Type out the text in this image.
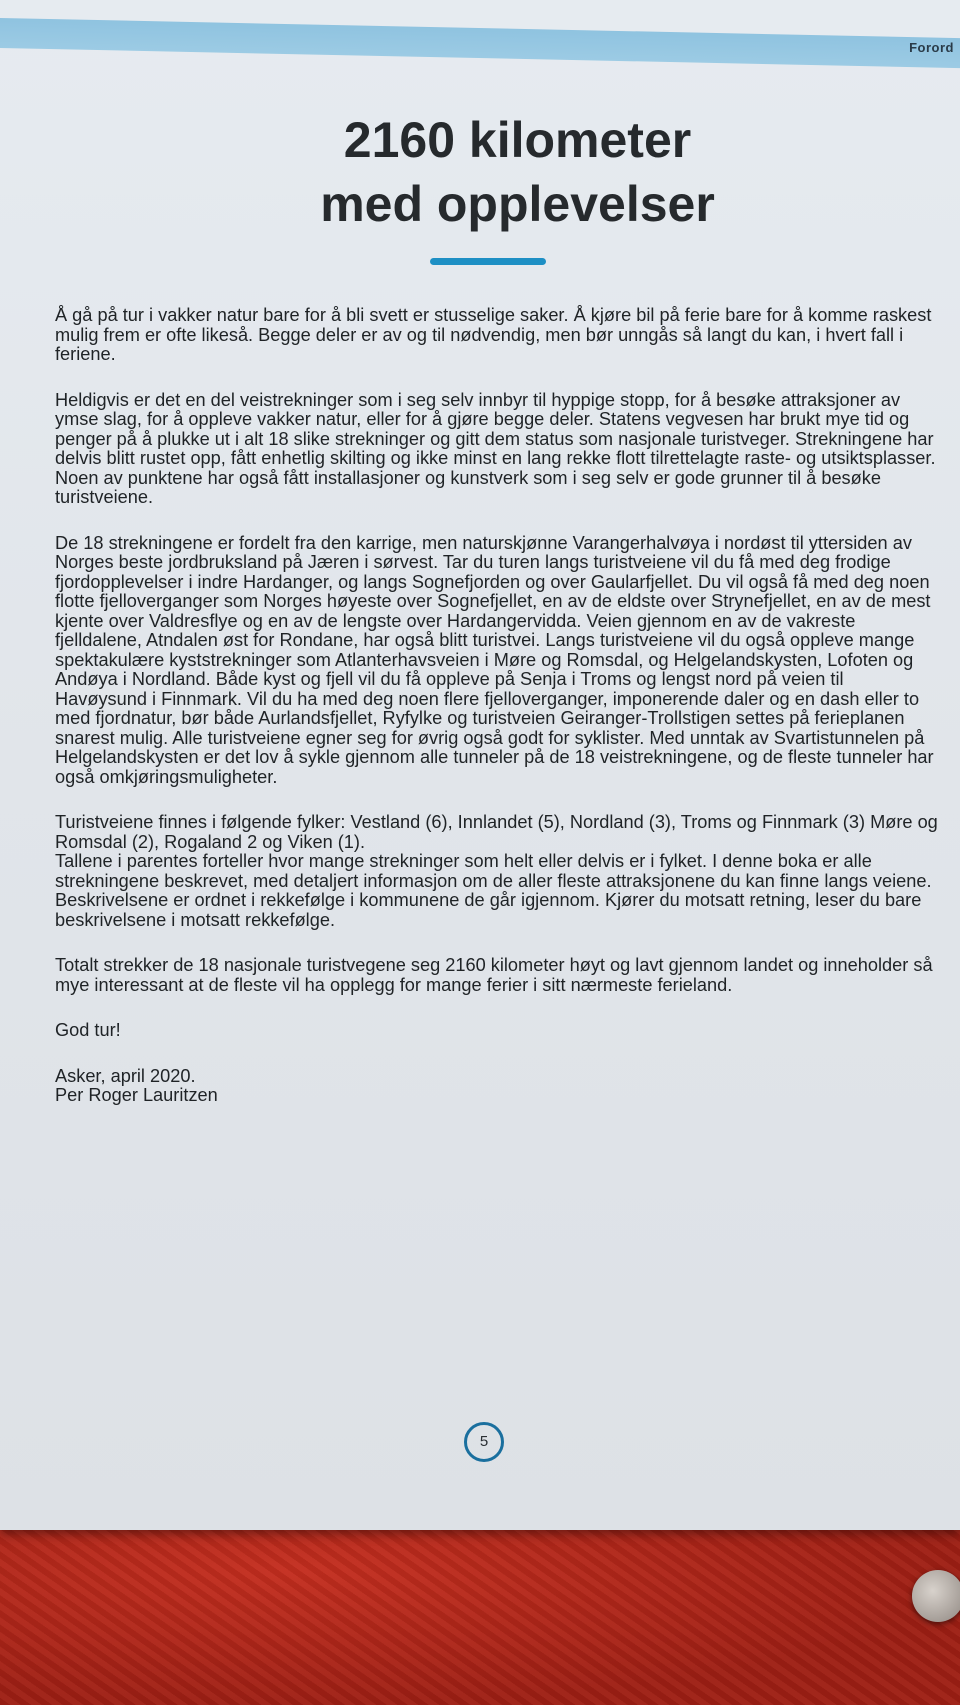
Forord
2160 kilometer
med opplevelser

Å gå på tur i vakker natur bare for å bli svett er stusselige saker. Å kjøre bil på ferie bare for å komme raskest mulig frem er ofte likeså. Begge deler er av og til nødvendig, men bør unngås så langt du kan, i hvert fall i feriene.

Heldigvis er det en del veistrekninger som i seg selv innbyr til hyppige stopp, for å besøke attraksjoner av ymse slag, for å oppleve vakker natur, eller for å gjøre begge deler. Statens vegvesen har brukt mye tid og penger på å plukke ut i alt 18 slike strekninger og gitt dem status som nasjonale turistveger. Strekningene har delvis blitt rustet opp, fått enhetlig skilting og ikke minst en lang rekke flott tilrettelagte raste- og utsiktsplasser. Noen av punktene har også fått installasjoner og kunstverk som i seg selv er gode grunner til å besøke turistveiene.

De 18 strekningene er fordelt fra den karrige, men naturskjønne Varangerhalvøya i nordøst til yttersiden av Norges beste jordbruksland på Jæren i sørvest. Tar du turen langs turistveiene vil du få med deg frodige fjordopplevelser i indre Hardanger, og langs Sognefjorden og over Gaularfjellet. Du vil også få med deg noen flotte fjelloverganger som Norges høyeste over Sognefjellet, en av de eldste over Strynefjellet, en av de mest kjente over Valdresflye og en av de lengste over Hardangervidda. Veien gjennom en av de vakreste fjelldalene, Atndalen øst for Rondane, har også blitt turistvei. Langs turistveiene vil du også oppleve mange spektakulære kyststrekninger som Atlanterhavsveien i Møre og Romsdal, og Helgelandskysten, Lofoten og Andøya i Nordland. Både kyst og fjell vil du få oppleve på Senja i Troms og lengst nord på veien til Havøysund i Finnmark. Vil du ha med deg noen flere fjelloverganger, imponerende daler og en dash eller to med fjordnatur, bør både Aurlandsfjellet, Ryfylke og turistveien Geiranger-Trollstigen settes på ferieplanen snarest mulig. Alle turistveiene egner seg for øvrig også godt for syklister. Med unntak av Svartistunnelen på Helgelandskysten er det lov å sykle gjennom alle tunneler på de 18 veistrekningene, og de fleste tunneler har også omkjøringsmuligheter.

Turistveiene finnes i følgende fylker: Vestland (6), Innlandet (5), Nordland (3), Troms og Finnmark (3) Møre og Romsdal (2), Rogaland 2 og Viken (1).

Tallene i parentes forteller hvor mange strekninger som helt eller delvis er i fylket. I denne boka er alle strekningene beskrevet, med detaljert informasjon om de aller fleste attraksjonene du kan finne langs veiene. Beskrivelsene er ordnet i rekkefølge i kommunene de går igjennom. Kjører du motsatt retning, leser du bare beskrivelsene i motsatt rekkefølge.

Totalt strekker de 18 nasjonale turistvegene seg 2160 kilometer høyt og lavt gjennom landet og inneholder så mye interessant at de fleste vil ha opplegg for mange ferier i sitt nærmeste ferieland.

God tur!

Asker, april 2020.

Per Roger Lauritzen

5
